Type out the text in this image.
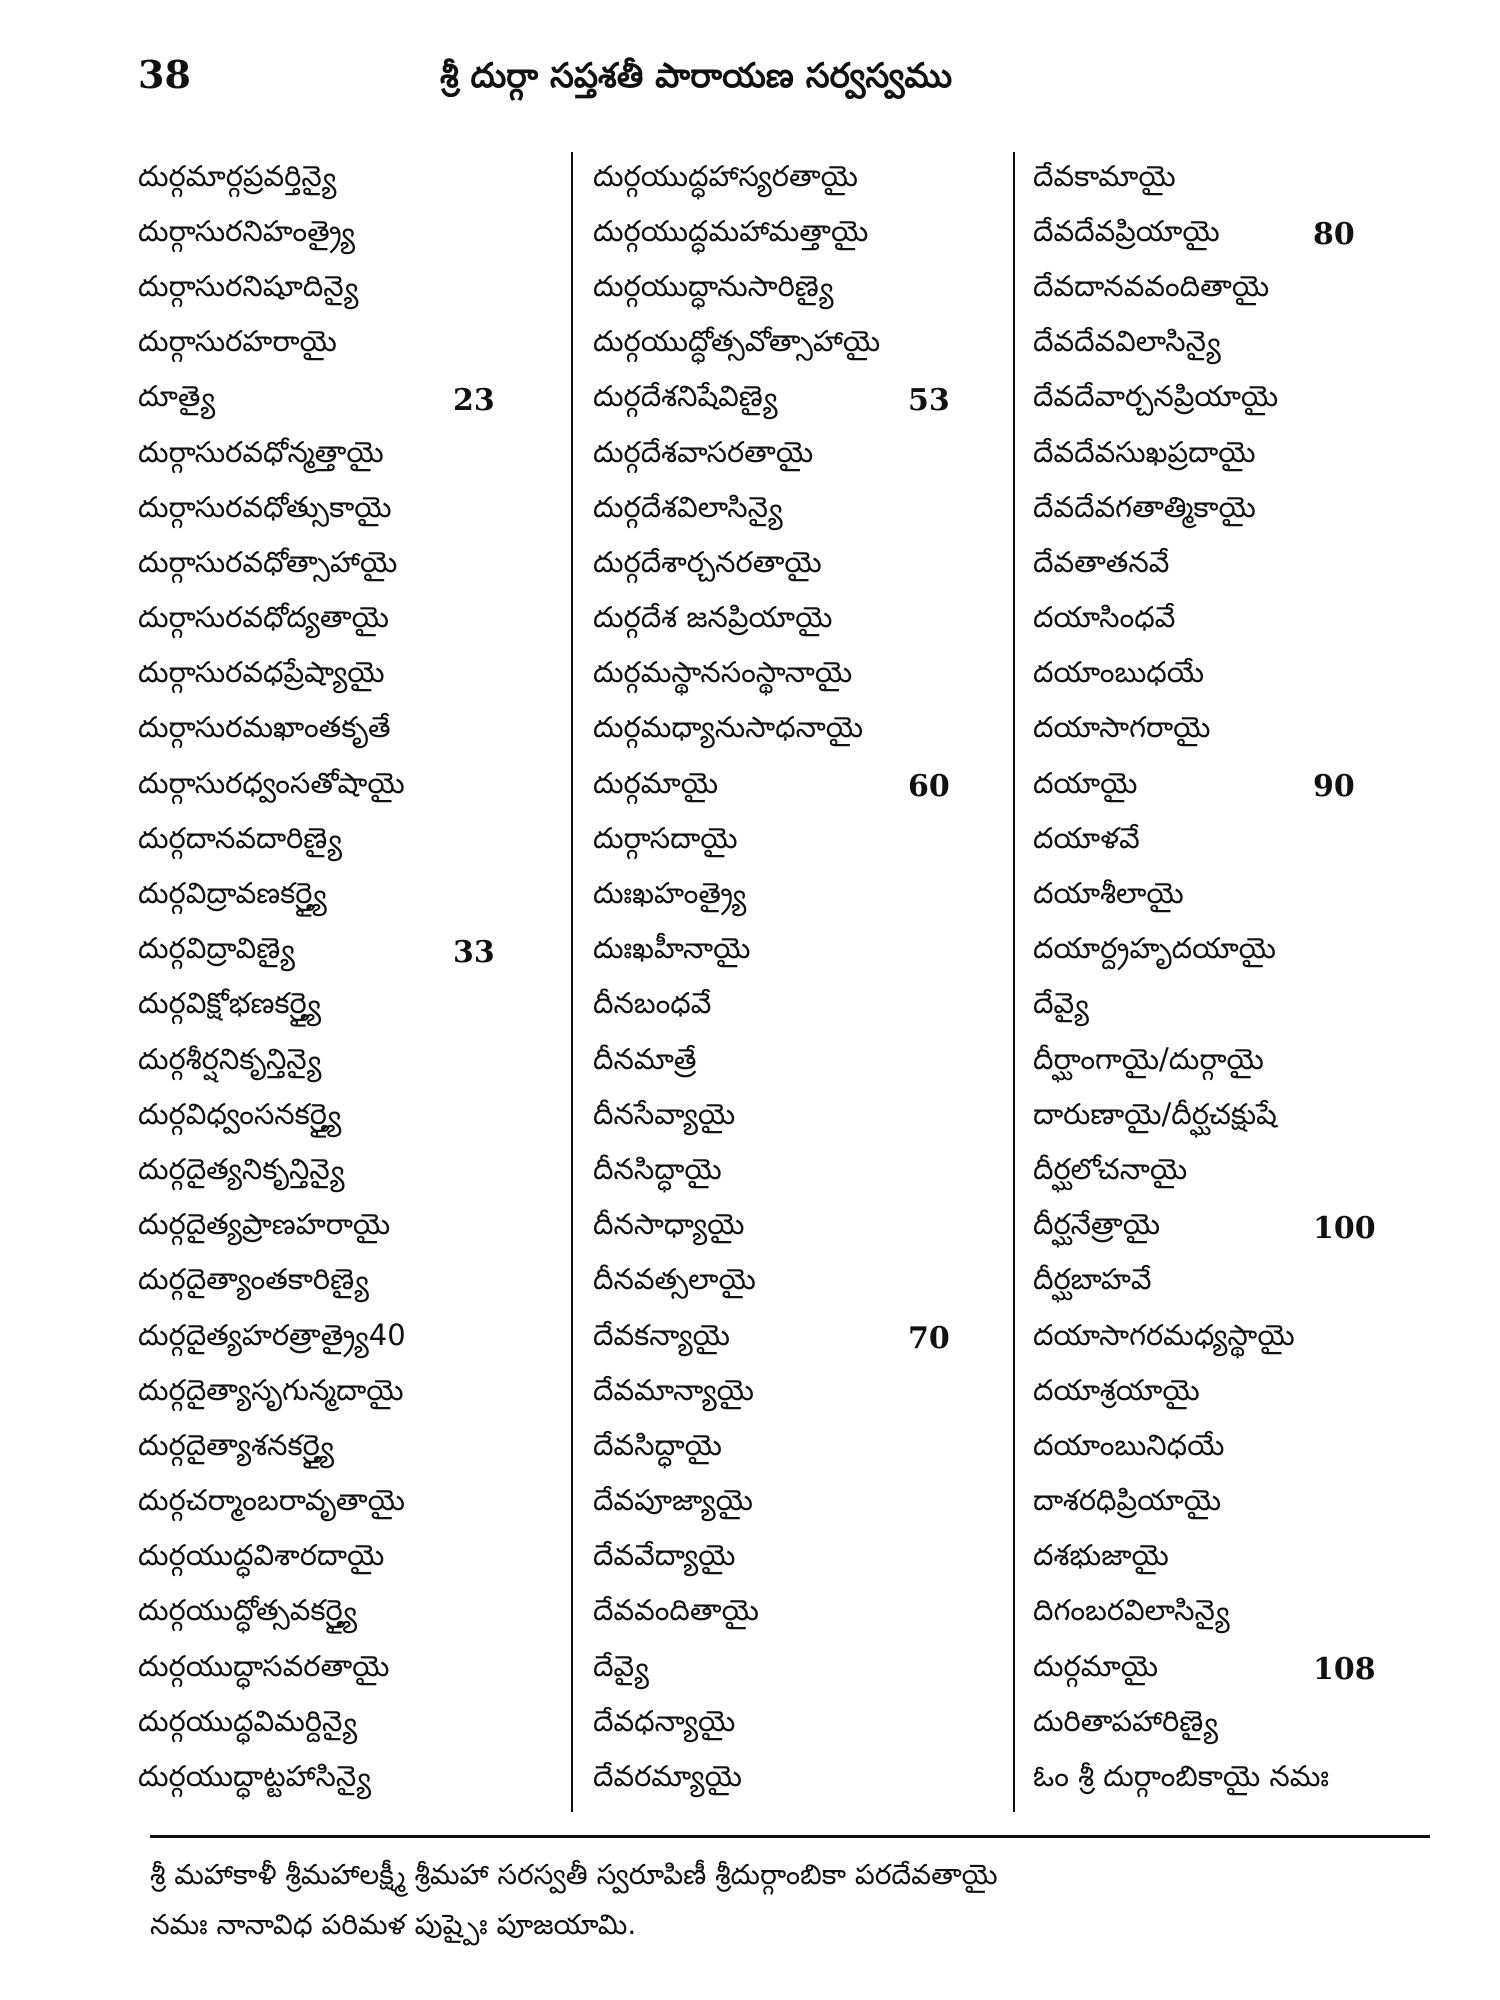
38	శ్రీ దుర్గా సప్తశతీ పారాయణ సర్వస్వము
దుర్గమార్గప్రవర్తిన్యై
దుర్గాసురనిహంత్ర్యై
దుర్గాసురనిషూదిన్యై
దుర్గాసురహరాయై
దూత్యై	23
దుర్గాసురవధోన్మత్తాయై
దుర్గాసురవధోత్సుకాయై
దుర్గాసురవధోత్సాహాయై
దుర్గాసురవధోద్యతాయై
దుర్గాసురవధప్రేష్యాయై
దుర్గాసురమఖాంతకృతే
దుర్గాసురధ్వంసతోషాయై
దుర్గదానవదారిణ్యై
దుర్గవిద్రావణకర్త్ర్యై
దుర్గవిద్రావిణ్యై	33
దుర్గవిక్షోభణకర్త్ర్యై
దుర్గశీర్షనికృన్తిన్యై
దుర్గవిధ్వంసనకర్త్ర్యై
దుర్గదైత్యనికృన్తిన్యై
దుర్గదైత్యప్రాణహరాయై
దుర్గదైత్యాంతకారిణ్యై
దుర్గదైత్యహరత్రాత్ర్యై40
దుర్గదైత్యాసృగున్మదాయై
దుర్గదైత్యాశనకర్త్ర్యై
దుర్గచర్మాంబరావృతాయై
దుర్గయుద్ధవిశారదాయై
దుర్గయుద్ధోత్సవకర్త్ర్యై
దుర్గయుద్ధాసవరతాయై
దుర్గయుద్ధవిమర్దిన్యై
దుర్గయుద్ధాట్టహాసిన్యై
దుర్గయుద్ధహాస్యరతాయై
దుర్గయుద్ధమహామత్తాయై
దుర్గయుద్ధానుసారిణ్యై
దుర్గయుద్ధోత్సవోత్సాహాయై
దుర్గదేశనిషేవిణ్యై	53
దుర్గదేశవాసరతాయై
దుర్గదేశవిలాసిన్యై
దుర్గదేశార్చనరతాయై
దుర్గదేశ జనప్రియాయై
దుర్గమస్థానసంస్థానాయై
దుర్గమధ్యానుసాధనాయై
దుర్గమాయై	60
దుర్గాసదాయై
దుఃఖహంత్ర్యై
దుఃఖహీనాయై
దీనబంధవే
దీనమాత్రే
దీనసేవ్యాయై
దీనసిద్ధాయై
దీనసాధ్యాయై
దీనవత్సలాయై
దేవకన్యాయై	70
దేవమాన్యాయై
దేవసిద్ధాయై
దేవపూజ్యాయై
దేవవేద్యాయై
దేవవందితాయై
దేవ్యై
దేవధన్యాయై
దేవరమ్యాయై
దేవకామాయై
దేవదేవప్రియాయై	80
దేవదానవవందితాయై
దేవదేవవిలాసిన్యై
దేవదేవార్చనప్రియాయై
దేవదేవసుఖప్రదాయై
దేవదేవగతాత్మికాయై
దేవతాతనవే
దయాసింధవే
దయాంబుధయే
దయాసాగరాయై
దయాయై	90
దయాళవే
దయాశీలాయై
దయార్ద్రహృదయాయై
దేవ్యై
దీర్ఘాంగాయై/దుర్గాయై
దారుణాయై/దీర్ఘచక్షుషే
దీర్ఘలోచనాయై
దీర్ఘనేత్రాయై	100
దీర్ఘబాహవే
దయాసాగరమధ్యస్థాయై
దయాశ్రయాయై
దయాంబునిధయే
దాశరధిప్రియాయై
దశభుజాయై
దిగంబరవిలాసిన్యై
దుర్గమాయై	108
దురితాపహారిణ్యై
ఓం శ్రీ దుర్గాంబికాయై నమః
శ్రీ మహాకాళీ శ్రీమహాలక్ష్మీ శ్రీమహా సరస్వతీ స్వరూపిణీ శ్రీదుర్గాంబికా పరదేవతాయై
నమః నానావిధ పరిమళ పుష్పైః పూజయామి.
